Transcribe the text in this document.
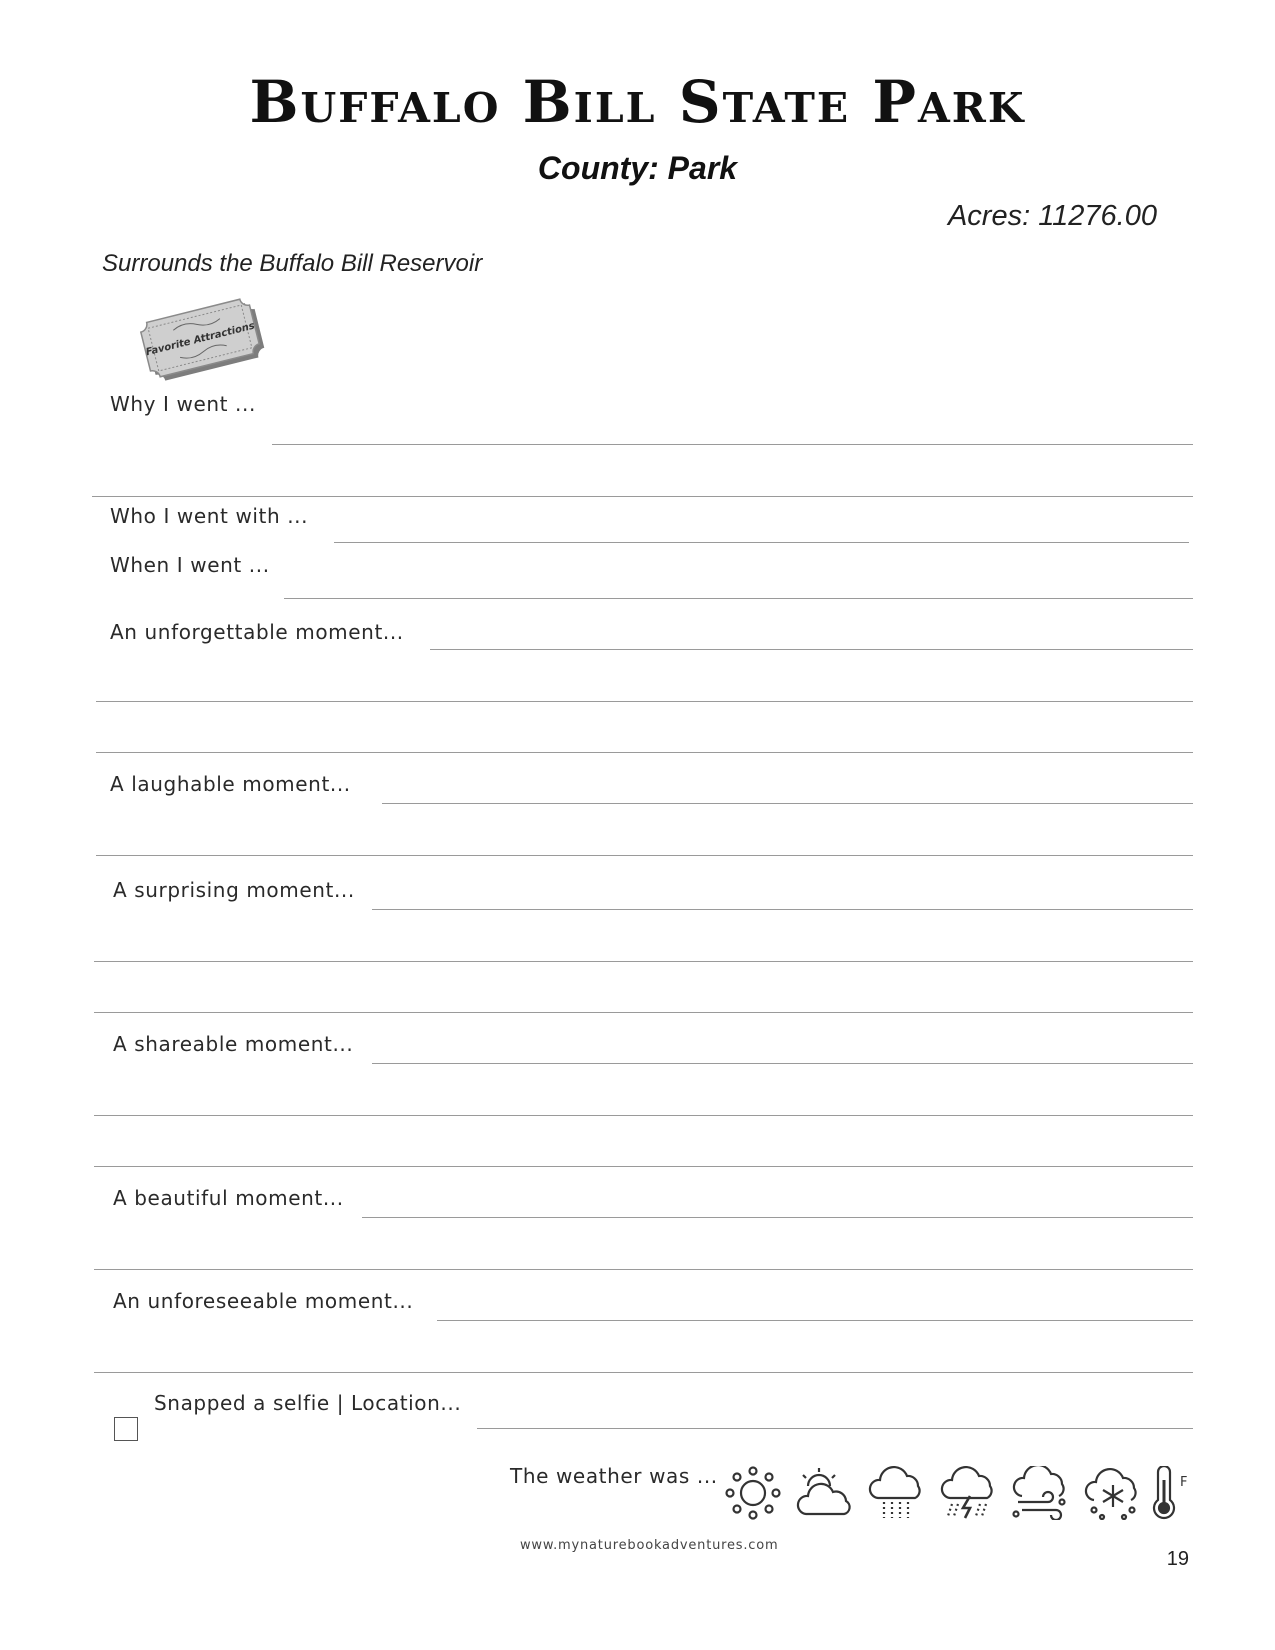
Buffalo Bill State Park
County: Park
Acres: 11276.00
Surrounds the Buffalo Bill Reservoir
Favorite Attractions
Why I went ...
Who I went with ...
When I went ...
An unforgettable moment...
A laughable moment...
A surprising moment...
A shareable moment...
A beautiful moment...
An unforeseeable moment...
Snapped a selfie | Location...
The weather was ...	F
www.mynaturebookadventures.com
19
